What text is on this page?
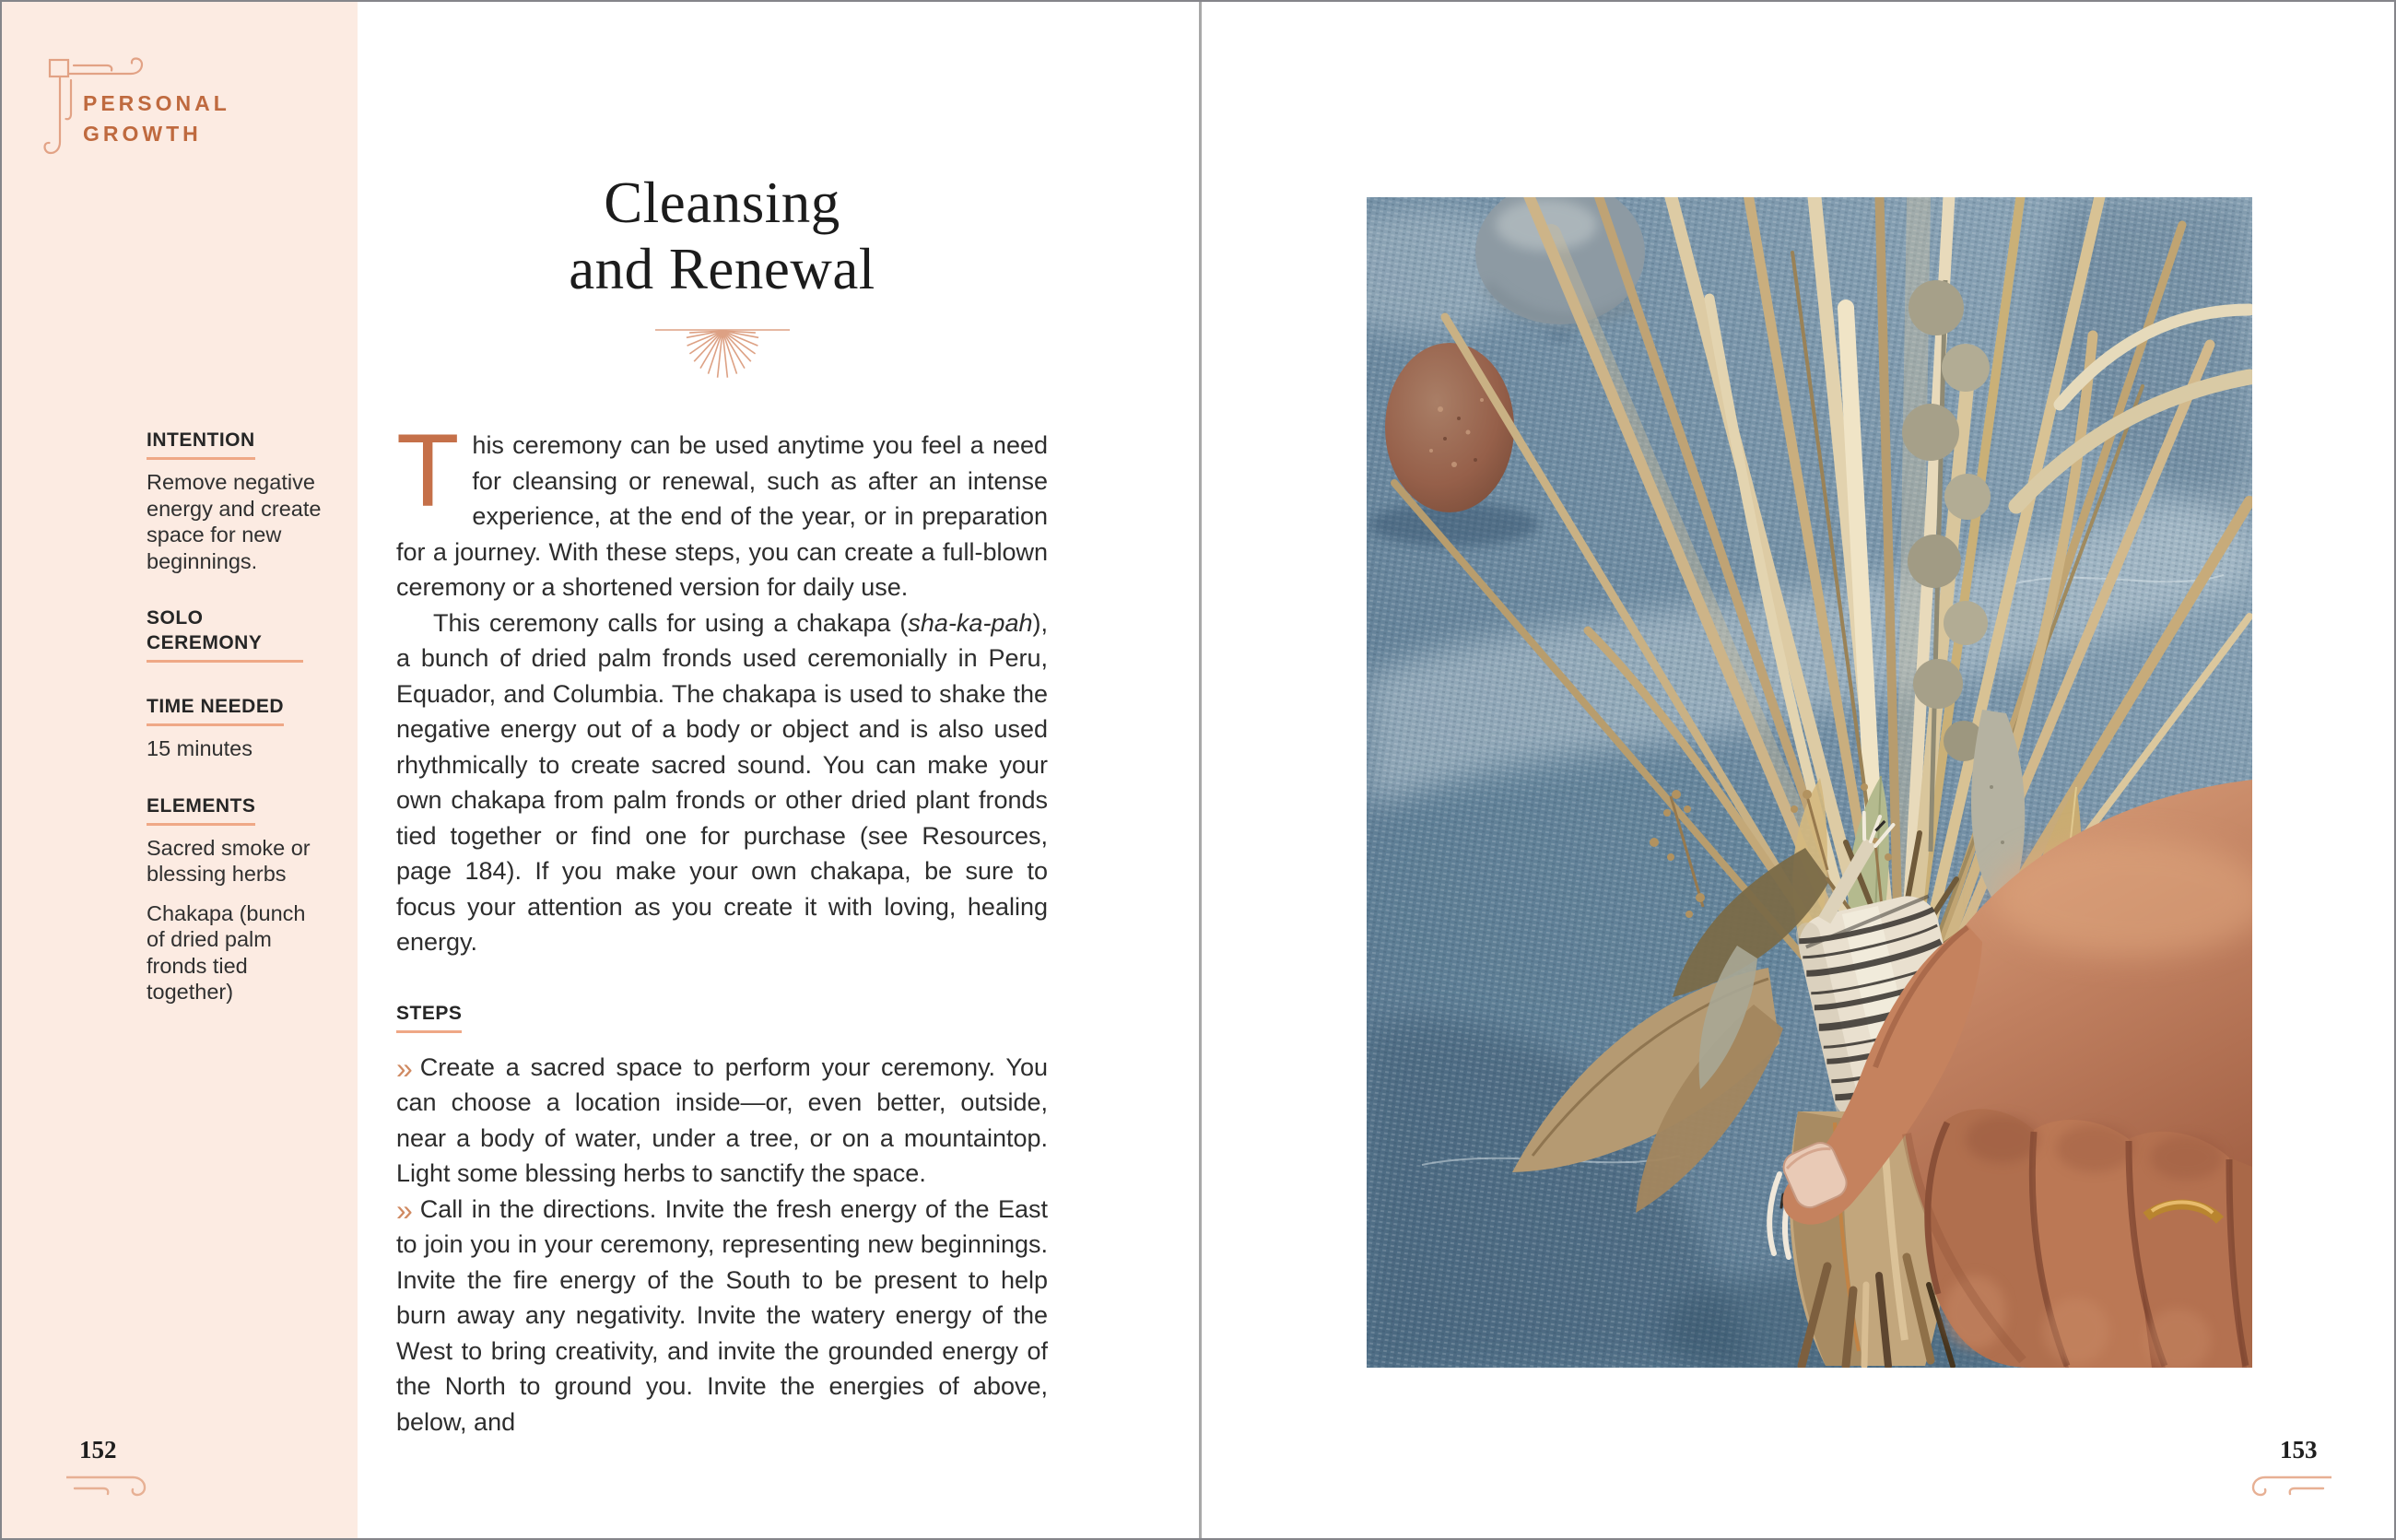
PERSONAL
GROWTH
INTENTION

Remove negative energy and create space for new beginnings.

SOLO CEREMONY
TIME NEEDED

15 minutes

ELEMENTS

Sacred smoke or blessing herbs

Chakapa (bunch of dried palm fronds tied together)

Cleansing
and Renewal

This ceremony can be used anytime you feel a need for cleansing or renewal, such as after an intense experience, at the end of the year, or in preparation for a journey. With these steps, you can create a full-blown ceremony or a shortened version for daily use.

This ceremony calls for using a chakapa (sha-ka-pah), a bunch of dried palm fronds used ceremonially in Peru, Equador, and Columbia. The chakapa is used to shake the negative energy out of a body or object and is also used rhythmically to create sacred sound. You can make your own chakapa from palm fronds or other dried plant fronds tied together or find one for purchase (see Resources, page 184). If you make your own chakapa, be sure to focus your attention as you create it with loving, healing energy.

STEPS

» Create a sacred space to perform your ceremony. You can choose a location inside—or, even better, outside, near a body of water, under a tree, or on a mountaintop. Light some blessing herbs to sanctify the space.

» Call in the directions. Invite the fresh energy of the East to join you in your ceremony, representing new beginnings. Invite the fire energy of the South to be present to help burn away any negativity. Invite the watery energy of the West to bring creativity, and invite the grounded energy of the North to ground you. Invite the energies of above, below, and

152	153
